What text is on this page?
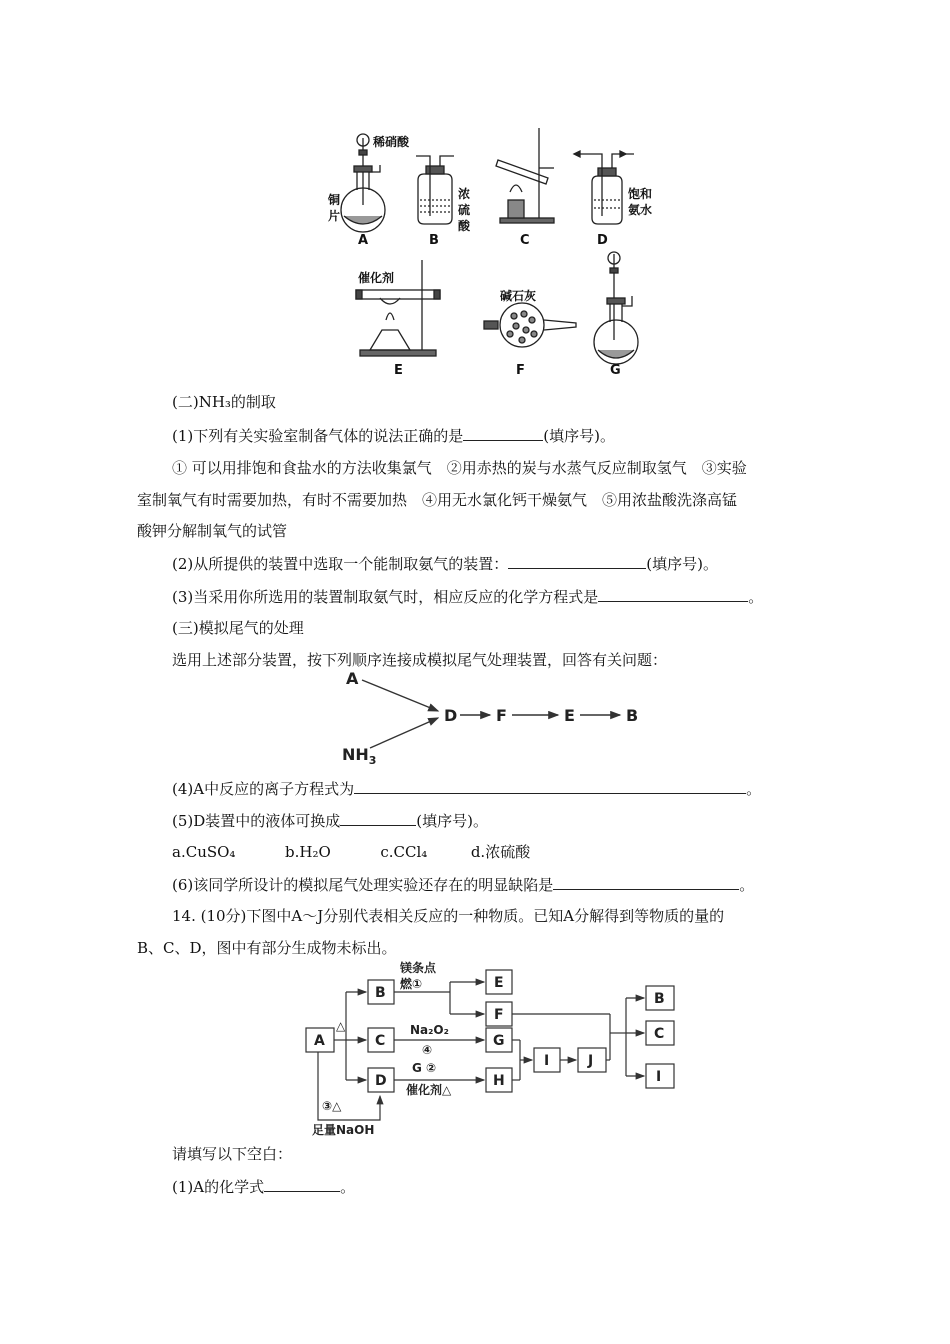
稀硝酸
铜
片
A
浓
硫
酸
B	C
饱和
氨水
D
催化剂
E
碱石灰
F	G
(二)NH₃的制取
(1)下列有关实验室制备气体的说法正确的是	(填序号)。
① 可以用排饱和食盐水的方法收集氯气　②用赤热的炭与水蒸气反应制取氢气　③实验
室制氧气有时需要加热，有时不需要加热　④用无水氯化钙干燥氨气　⑤用浓盐酸洗涤高锰
酸钾分解制氧气的试管
(2)从所提供的装置中选取一个能制取氨气的装置：	(填序号)。
(3)当采用你所选用的装置制取氨气时，相应反应的化学方程式是	。
(三)模拟尾气的处理
选用上述部分装置，按下列顺序连接成模拟尾气处理装置，回答有关问题：
A
$NH_3$
D F	E	B
(4)A中反应的离子方程式为	。
(5)D装置中的液体可换成	(填序号)。
a.CuSO₄	b.H₂O	c.CCl₄	d.浓硫酸
(6)该同学所设计的模拟尾气处理实验还存在的明显缺陷是	。
14. (10分)下图中A～J分别代表相关反应的一种物质。已知A分解得到等物质的量的
B、C、D，图中有部分生成物未标出。
A
B
C
D
E
F
G
H
I	J
B
C
I
△
镁条点
燃①
Na₂O₂
④
G ②
催化剂△
③△
足量NaOH
请填写以下空白：
(1)A的化学式	。
